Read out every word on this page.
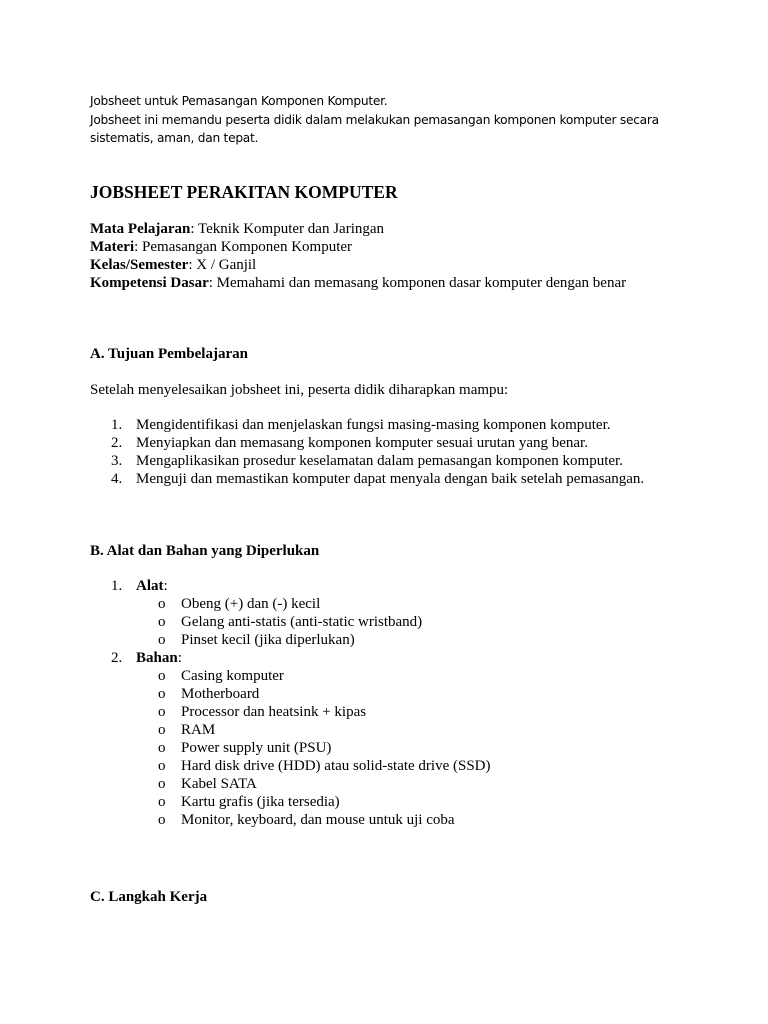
Jobsheet untuk Pemasangan Komponen Komputer.
Jobsheet ini memandu peserta didik dalam melakukan pemasangan komponen komputer secara
sistematis, aman, dan tepat.
JOBSHEET PERAKITAN KOMPUTER
Mata Pelajaran: Teknik Komputer dan Jaringan
Materi: Pemasangan Komponen Komputer
Kelas/Semester: X / Ganjil
Kompetensi Dasar: Memahami dan memasang komponen dasar komputer dengan benar
A. Tujuan Pembelajaran
Setelah menyelesaikan jobsheet ini, peserta didik diharapkan mampu:
1. Mengidentifikasi dan menjelaskan fungsi masing-masing komponen komputer.
2. Menyiapkan dan memasang komponen komputer sesuai urutan yang benar.
3. Mengaplikasikan prosedur keselamatan dalam pemasangan komponen komputer.
4. Menguji dan memastikan komputer dapat menyala dengan baik setelah pemasangan.
B. Alat dan Bahan yang Diperlukan
1. Alat:
o Obeng (+) dan (-) kecil
o Gelang anti-statis (anti-static wristband)
o Pinset kecil (jika diperlukan)
2. Bahan:
o Casing komputer
o Motherboard
o Processor dan heatsink + kipas
o RAM
o Power supply unit (PSU)
o Hard disk drive (HDD) atau solid-state drive (SSD)
o Kabel SATA
o Kartu grafis (jika tersedia)
o Monitor, keyboard, dan mouse untuk uji coba
C. Langkah Kerja
